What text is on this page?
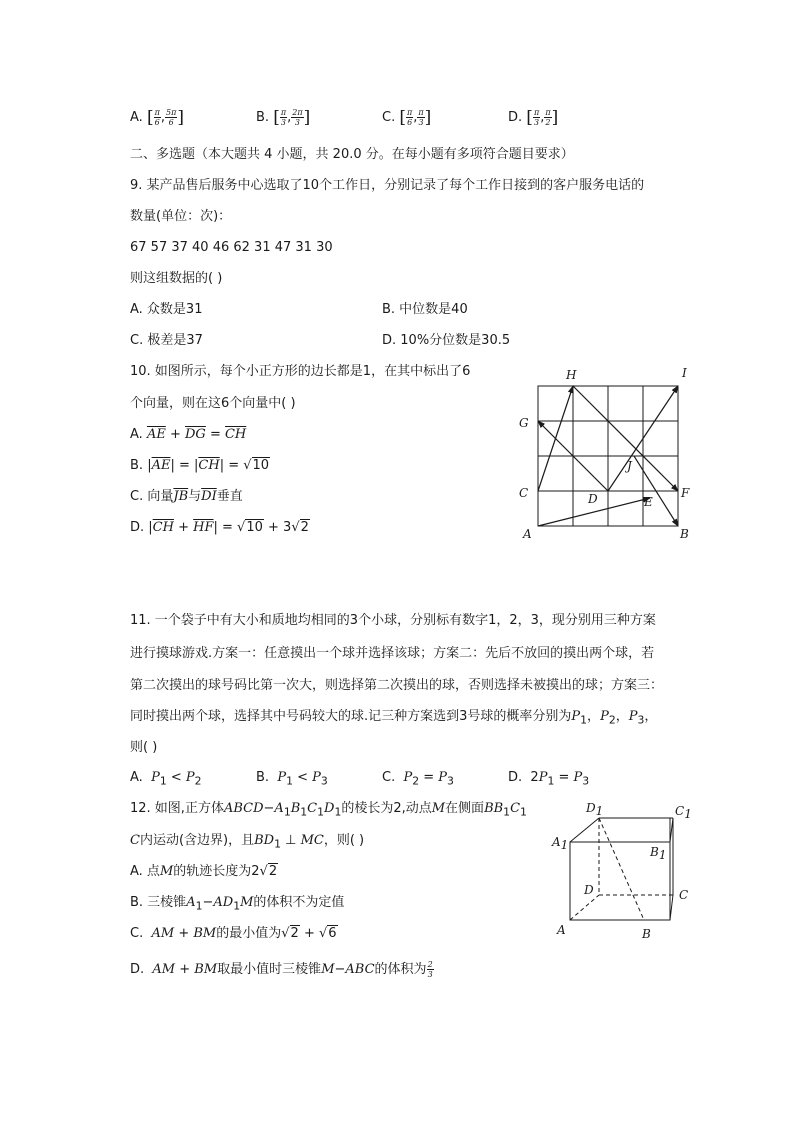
A. [ $\frac{\pi}{6}$ , $\frac{5\pi}{6}$ ]	B. [ $\frac{\pi}{3}$ , $\frac{2\pi}{3}$ ]	C. [ $\frac{\pi}{6}$ , $\frac{\pi}{3}$ ]	D. [ $\frac{\pi}{3}$ , $\frac{\pi}{2}$ ]
二、多选题（本大题共 4 小题，共 20.0 分。在每小题有多项符合题目要求）
9. 某产品售后服务中心选取了10个工作日，分别记录了每个工作日接到的客户服务电话的
数量(单位：次)：
67 57 37 40 46 62 31 47 31 30
则这组数据的( )
A. 众数是31	B. 中位数是40
C. 极差是37	D. 10%分位数是30.5
10. 如图所示，每个小正方形的边长都是1，在其中标出了6
个向量，则在这6个向量中( )
A. $\overline{AE} + \overline{DG} = \overline{CH}$
B. $|\overline{AE}| = |\overline{CH}| = √10$
C. 向量$\overline{JB}$与$\overline{DI}$垂直
D. $|\overline{CH} + \overline{HF}| = √10 + 3√2$
H	I
G
J
C	D	E
F
A	B
11. 一个袋子中有大小和质地均相同的3个小球，分别标有数字1，2，3，现分别用三种方案
进行摸球游戏.方案一：任意摸出一个球并选择该球；方案二：先后不放回的摸出两个球，若
第二次摸出的球号码比第一次大，则选择第二次摸出的球，否则选择未被摸出的球；方案三：
同时摸出两个球，选择其中号码较大的球.记三种方案选到3号球的概率分别为$P_1$，$P_2$，$P_3$，
则( )
A. $P_1 < P_2$	B. $P_1 < P_3$	C. $P_2 = P_3$	D.  $2P_1 = P_3$
12. 如图,正方体$ABCD-A_1B_1C_1D_1$的棱长为2,动点M在侧面$BB_1C_1$
C内运动(含边界)，且$BD_1$ ⊥ MC，则( )
A. 点M的轨迹长度为2√2
B. 三棱锥$A_1-AD_1M$的体积不为定值
C. AM + BM的最小值为√2 + √6
D. AM + BM取最小值时三棱锥M−ABC的体积为 $\frac{2}{3}$
D1	C1
A1	B1
D	C
A	B
